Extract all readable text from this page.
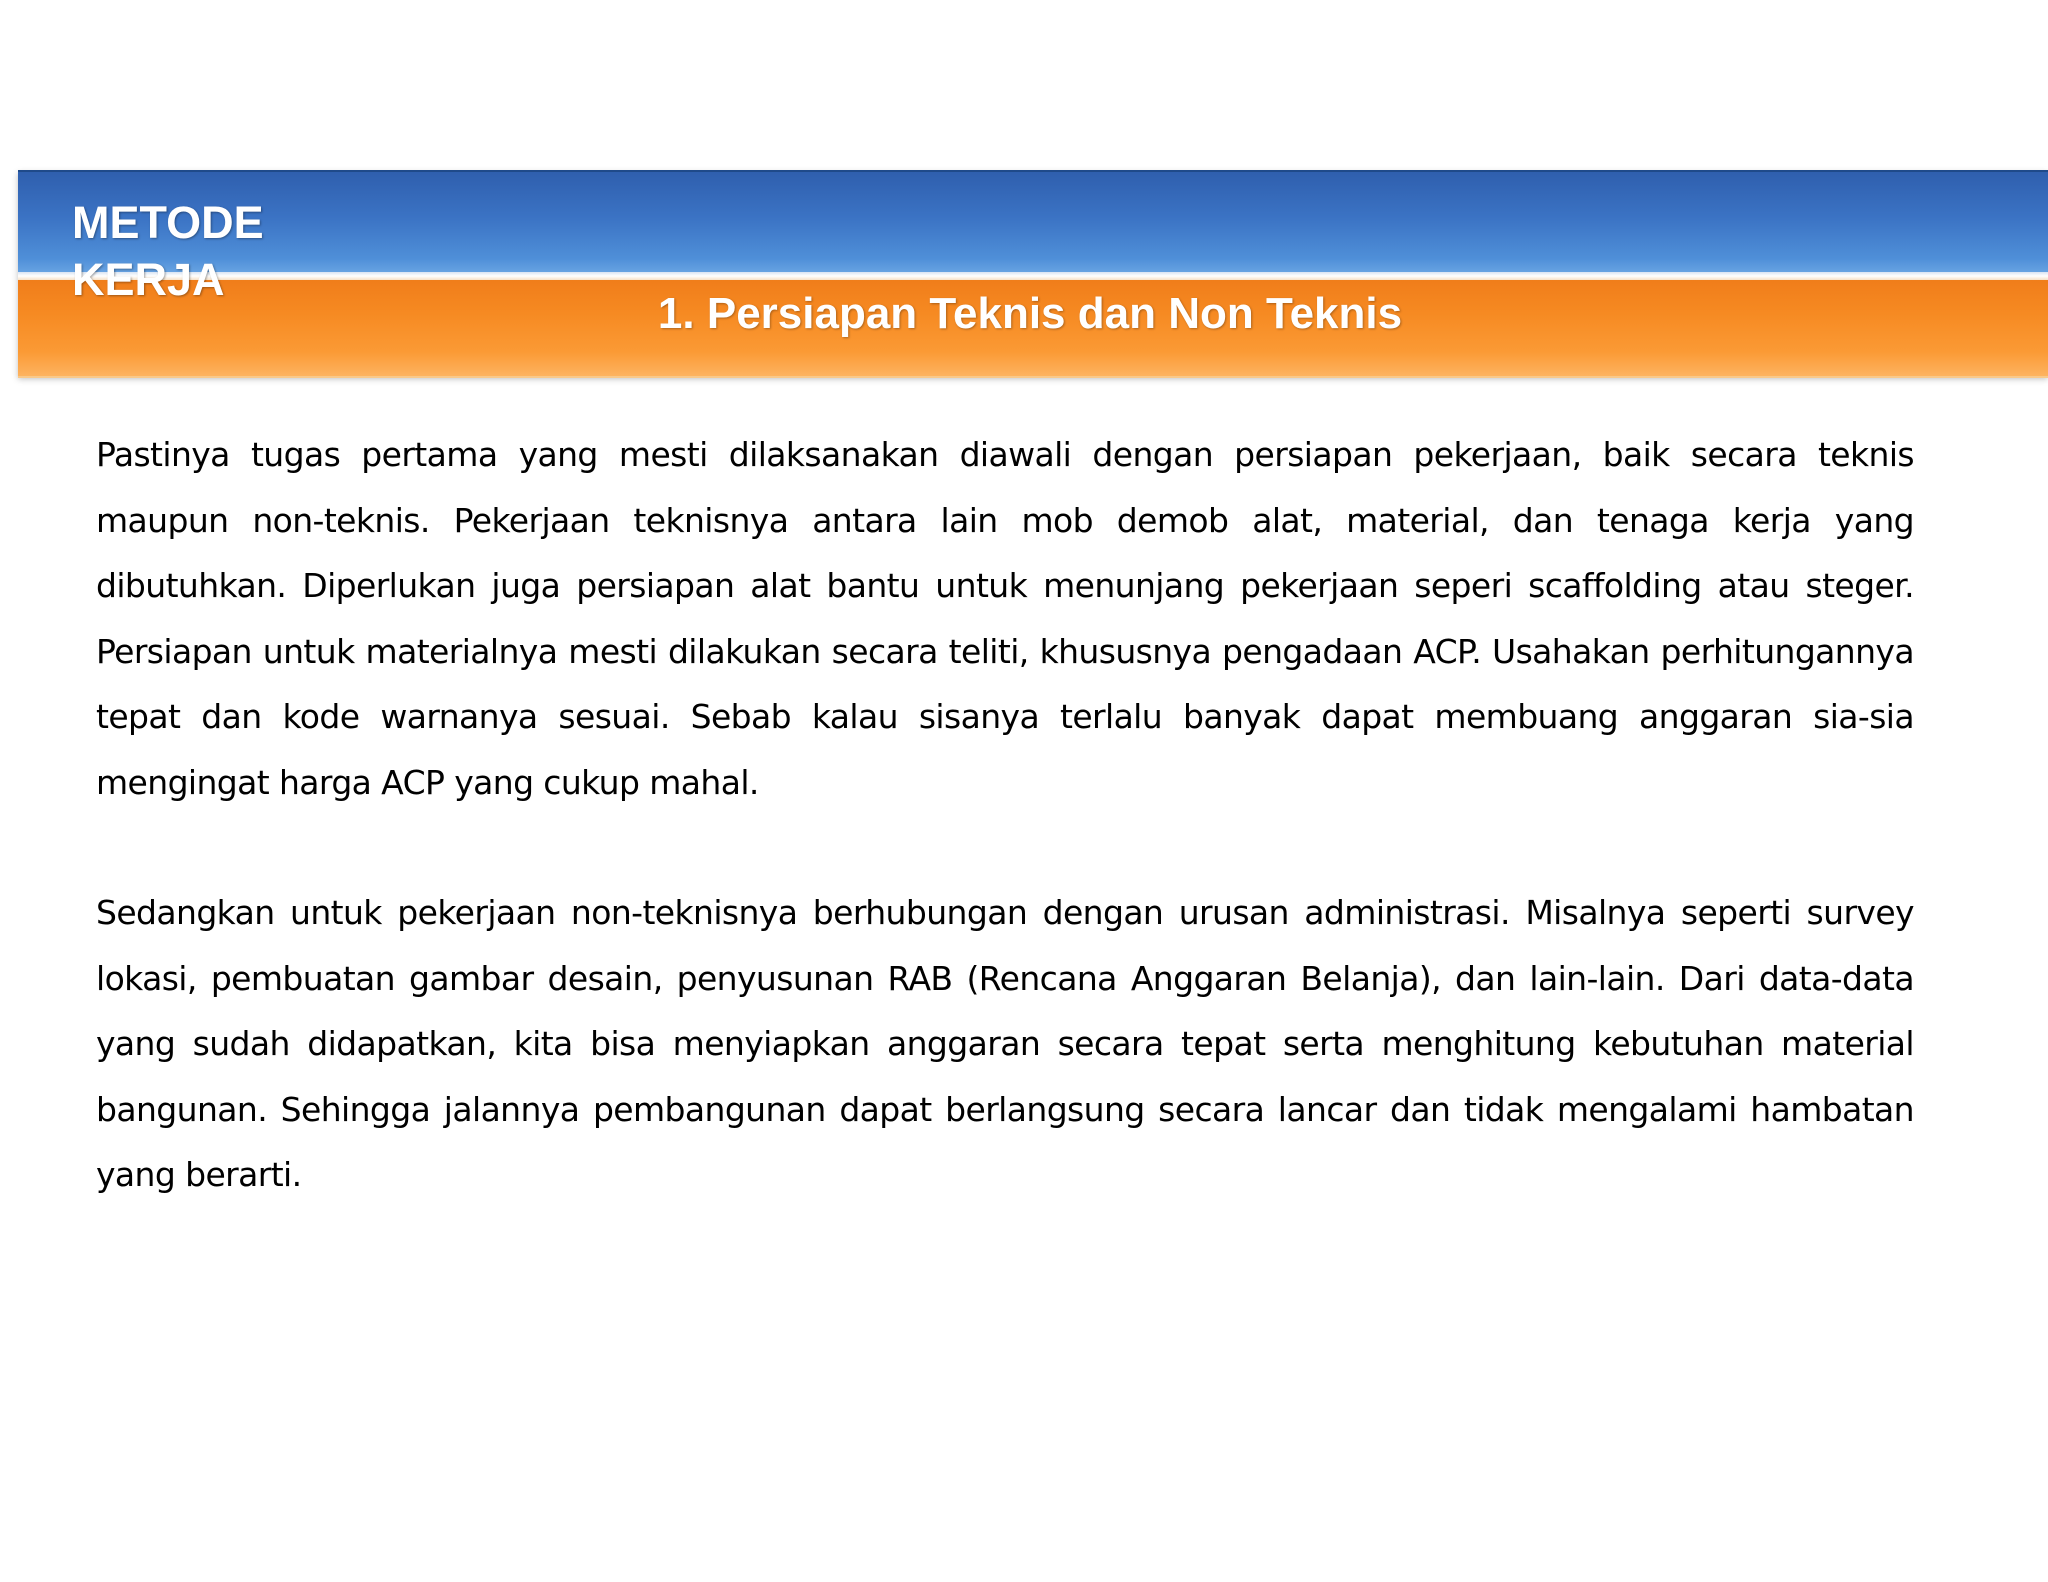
METODE KERJA
1. Persiapan Teknis dan Non Teknis

Pastinya tugas pertama yang mesti dilaksanakan diawali dengan persiapan pekerjaan, baik secara teknis maupun non-teknis. Pekerjaan teknisnya antara lain mob demob alat, material, dan tenaga kerja yang dibutuhkan. Diperlukan juga persiapan alat bantu untuk menunjang pekerjaan seperi scaffolding atau steger. Persiapan untuk materialnya mesti dilakukan secara teliti, khususnya pengadaan ACP. Usahakan perhitungannya tepat dan kode warnanya sesuai. Sebab kalau sisanya terlalu banyak dapat membuang anggaran sia-sia mengingat harga ACP yang cukup mahal.

Sedangkan untuk pekerjaan non-teknisnya berhubungan dengan urusan administrasi. Misalnya seperti survey lokasi, pembuatan gambar desain, penyusunan RAB (Rencana Anggaran Belanja), dan lain-lain. Dari data-data yang sudah didapatkan, kita bisa menyiapkan anggaran secara tepat serta menghitung kebutuhan material bangunan. Sehingga jalannya pembangunan dapat berlangsung secara lancar dan tidak mengalami hambatan yang berarti.
